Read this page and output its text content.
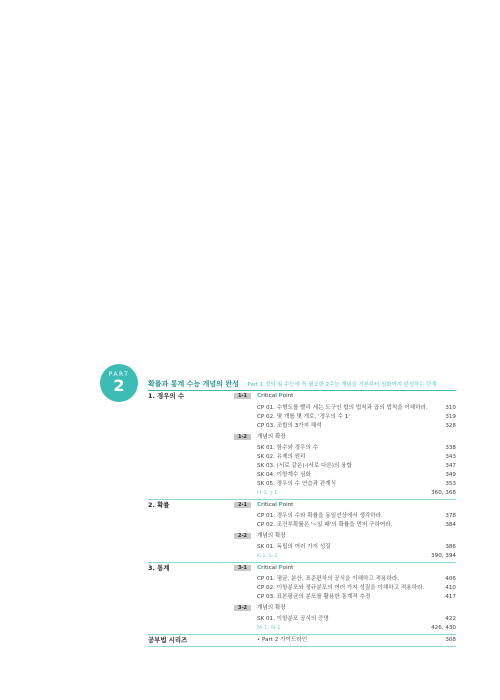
PART
2	확률과 통계 수능 개념의 완성 : Part 1 정의 및 수능에 꼭 필요한 2수능 개념을 기본부터 심화까지 완성하는 단계
1. 경우의 수	1-1	Critical Point
CP 01. 수형도를 빨리 세는 도구인 합의 법칙과 곱의 법칙을 이해하라.	310
CP 02. 몇 개를 몇 개로, '경우의 수 1'	319
CP 03. 조합의 3가지 해석	328
1-2	개념의 확장
SK 01. 함수와 경우의 수	338
SK 02. 유제의 원리	343
SK 03. (서로 같은)·(서로 다른)의 융합	347
SK 04. 이항계수 심화	349
SK 05. 경우의 수 연습과 관계식	353
H-1, J-1	360, 368
2. 확률	2-1	Critical Point
CP 01. 경우의 수와 확률을 동일선상에서 생각하라.	378
CP 02. 조건부확률은 '~일 때'의 확률을 먼저 구하여라.	384
2-2	개념의 확장
SK 01. 독립의 여러 가지 성질	386
K-1, L-1	390, 394
3. 통계	3-1	Critical Point
CP 01. 평균, 분산, 표준편차의 공식을 이해하고 적용하라.	406
CP 02. 이항분포와 정규분포의 여러 가지 성질을 이해하고 적용하라.	410
CP 03. 표본평균의 분포를 활용한 통계적 추정	417
3-2	개념의 확장
SK 01. 이항분포 공식의 증명	422
M-1, N-1	426, 430
공부법 시리즈	• Part 2 가이드라인	308
